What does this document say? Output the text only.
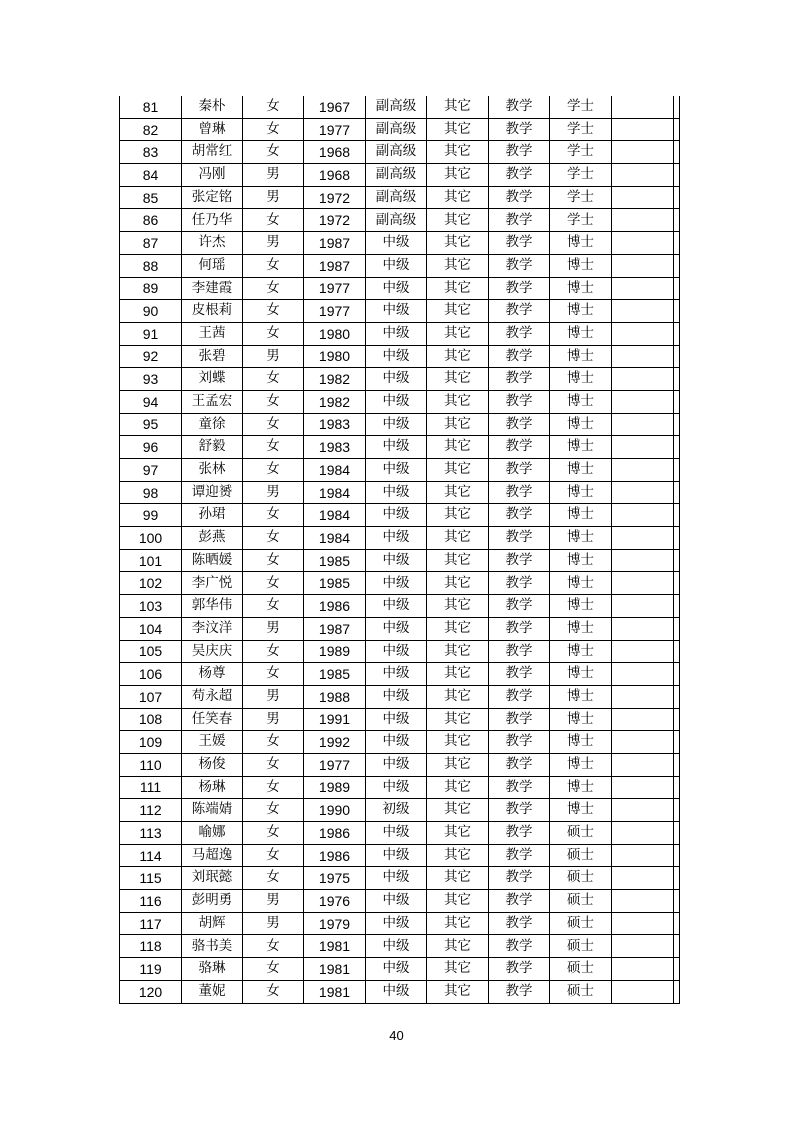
81	秦朴	女	1967	副高级	其它	教学	学士		
82	曾琳	女	1977	副高级	其它	教学	学士		
83	胡常红	女	1968	副高级	其它	教学	学士		
84	冯刚	男	1968	副高级	其它	教学	学士		
85	张定铭	男	1972	副高级	其它	教学	学士		
86	任乃华	女	1972	副高级	其它	教学	学士		
87	许杰	男	1987	中级	其它	教学	博士		
88	何瑶	女	1987	中级	其它	教学	博士		
89	李建霞	女	1977	中级	其它	教学	博士		
90	皮根莉	女	1977	中级	其它	教学	博士		
91	王茜	女	1980	中级	其它	教学	博士		
92	张碧	男	1980	中级	其它	教学	博士		
93	刘蝶	女	1982	中级	其它	教学	博士		
94	王孟宏	女	1982	中级	其它	教学	博士		
95	童徐	女	1983	中级	其它	教学	博士		
96	舒毅	女	1983	中级	其它	教学	博士		
97	张林	女	1984	中级	其它	教学	博士		
98	谭迎赟	男	1984	中级	其它	教学	博士		
99	孙珺	女	1984	中级	其它	教学	博士		
100	彭燕	女	1984	中级	其它	教学	博士		
101	陈晒媛	女	1985	中级	其它	教学	博士		
102	李广悦	女	1985	中级	其它	教学	博士		
103	郭华伟	女	1986	中级	其它	教学	博士		
104	李汶洋	男	1987	中级	其它	教学	博士		
105	吴庆庆	女	1989	中级	其它	教学	博士		
106	杨尊	女	1985	中级	其它	教学	博士		
107	苟永超	男	1988	中级	其它	教学	博士		
108	任笑春	男	1991	中级	其它	教学	博士		
109	王媛	女	1992	中级	其它	教学	博士		
110	杨俊	女	1977	中级	其它	教学	博士		
111	杨琳	女	1989	中级	其它	教学	博士		
112	陈端婧	女	1990	初级	其它	教学	博士		
113	喻娜	女	1986	中级	其它	教学	硕士		
114	马超逸	女	1986	中级	其它	教学	硕士		
115	刘珉懿	女	1975	中级	其它	教学	硕士		
116	彭明勇	男	1976	中级	其它	教学	硕士		
117	胡辉	男	1979	中级	其它	教学	硕士		
118	骆书美	女	1981	中级	其它	教学	硕士		
119	骆琳	女	1981	中级	其它	教学	硕士		
120	董妮	女	1981	中级	其它	教学	硕士		
40
